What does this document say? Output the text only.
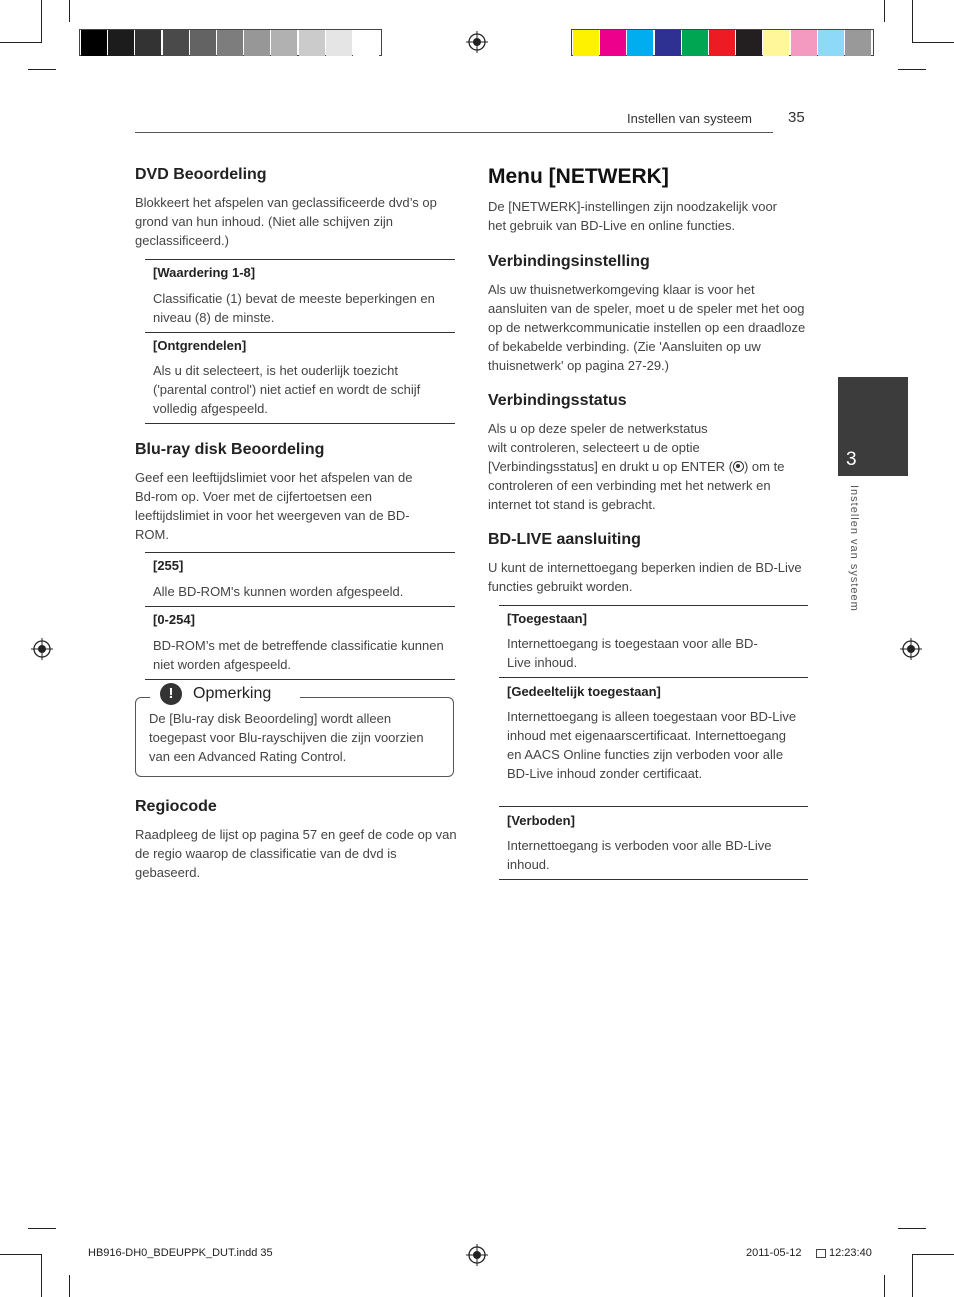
Instellen van systeem 35
DVD Beoordeling

Blokkeert het afspelen van geclassificeerde dvd’s op grond van hun inhoud. (Niet alle schijven zijn geclassificeerd.)

[Waardering 1-8]

Classificatie (1) bevat de meeste beperkingen en niveau (8) de minste.

[Ontgrendelen]

Als u dit selecteert, is het ouderlijk toezicht ('parental control') niet actief en wordt de schijf volledig afgespeeld.

Blu-ray disk Beoordeling

Geef een leeftijdslimiet voor het afspelen van de Bd-rom op. Voer met de cijfertoetsen een leeftijdslimiet in voor het weergeven van de BD-ROM.

[255]

Alle BD-ROM's kunnen worden afgespeeld.

[0-254]

BD-ROM’s met de betreffende classificatie kunnen niet worden afgespeeld.

!	Opmerking

De [Blu-ray disk Beoordeling] wordt alleen toegepast voor Blu-rayschijven die zijn voorzien van een Advanced Rating Control.

Regiocode

Raadpleeg de lijst op pagina 57 en geef de code op van de regio waarop de classificatie van de dvd is gebaseerd.

Menu [NETWERK]

De [NETWERK]-instellingen zijn noodzakelijk voor het gebruik van BD-Live en online functies.

Verbindingsinstelling

Als uw thuisnetwerkomgeving klaar is voor het aansluiten van de speler, moet u de speler met het oog op de netwerkcommunicatie instellen op een draadloze of bekabelde verbinding. (Zie 'Aansluiten op uw thuisnetwerk' op pagina 27-29.)

Verbindingsstatus
Als u op deze speler de netwerkstatus
wilt controleren, selecteert u de optie
[Verbindingsstatus] en drukt u op ENTER ( ) om te
controleren of een verbinding met het netwerk en
internet tot stand is gebracht.
BD-LIVE aansluiting

U kunt de internettoegang beperken indien de BD-Live functies gebruikt worden.

[Toegestaan]

Internettoegang is toegestaan voor alle BD-Live inhoud.

[Gedeeltelijk toegestaan]

Internettoegang is alleen toegestaan voor BD-Live inhoud met eigenaarscertificaat. Internettoegang en AACS Online functies zijn verboden voor alle BD-Live inhoud zonder certificaat.

[Verboden]

Internettoegang is verboden voor alle BD-Live inhoud.

3
Instellen van systeem
HB916-DH0_BDEUPPK_DUT.indd 35	2011-05-12	12:23:40
